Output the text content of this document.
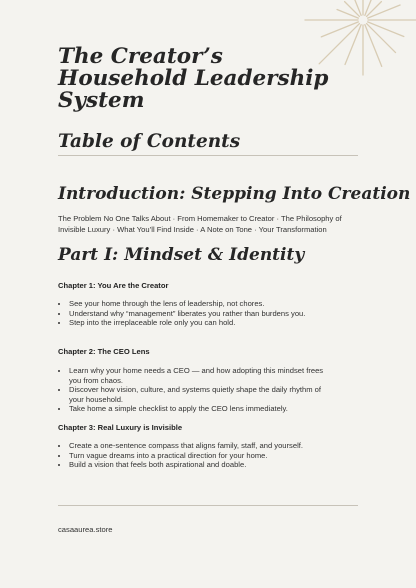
The Creator’s
Household Leadership
System
Table of Contents
Introduction: Stepping Into Creation

The Problem No One Talks About · From Homemaker to Creator · The Philosophy of Invisible Luxury · What You’ll Find Inside · A Note on Tone · Your Transformation

Part I: Mindset & Identity

Chapter 1: You Are the Creator

• See your home through the lens of leadership, not chores.
• Understand why “management” liberates you rather than burdens you.
• Step into the irreplaceable role only you can hold.

Chapter 2: The CEO Lens

• Learn why your home needs a CEO — and how adopting this mindset frees you from chaos.
• Discover how vision, culture, and systems quietly shape the daily rhythm of your household.
• Take home a simple checklist to apply the CEO lens immediately.

Chapter 3: Real Luxury is Invisible

• Create a one-sentence compass that aligns family, staff, and yourself.
• Turn vague dreams into a practical direction for your home.
• Build a vision that feels both aspirational and doable.

casaaurea.store
